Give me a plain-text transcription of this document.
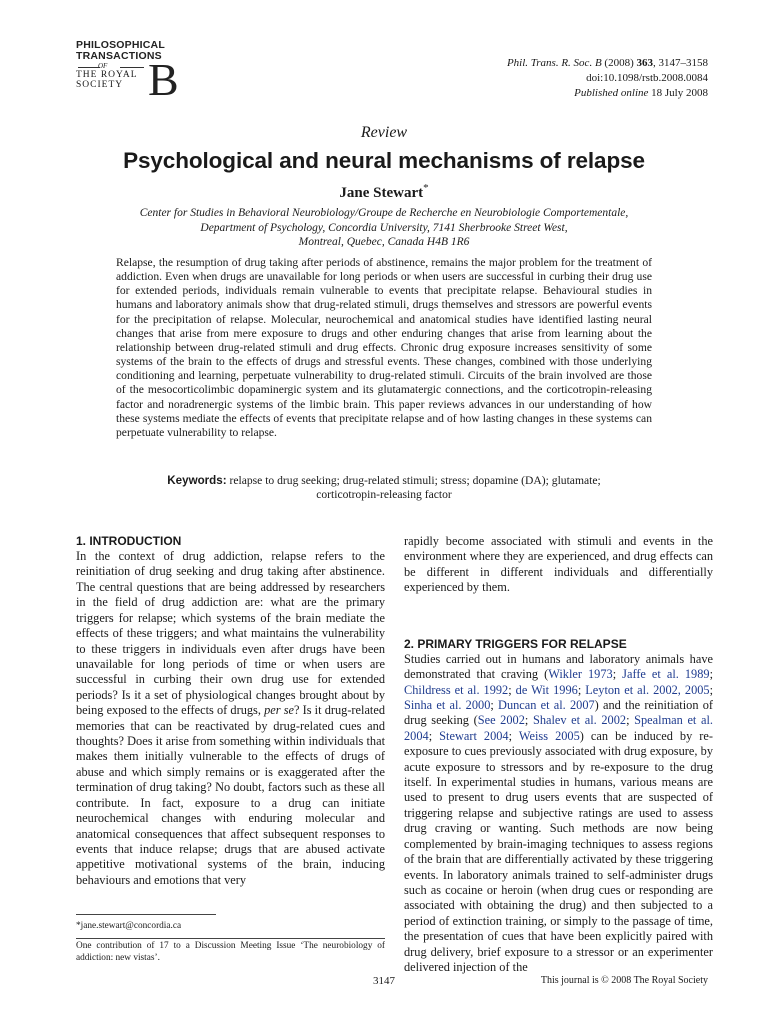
PHILOSOPHICAL
TRANSACTIONS
OF
THE ROYAL
SOCIETY B	Phil. Trans. R. Soc. B (2008) 363, 3147–3158
doi:10.1098/rstb.2008.0084
Published online 18 July 2008
Review
Psychological and neural mechanisms of relapse
Jane Stewart*
Center for Studies in Behavioral Neurobiology/Groupe de Recherche en Neurobiologie Comportementale,
Department of Psychology, Concordia University, 7141 Sherbrooke Street West,
Montreal, Quebec, Canada H4B 1R6
Relapse, the resumption of drug taking after periods of abstinence, remains the major problem for the treatment of addiction. Even when drugs are unavailable for long periods or when users are successful in curbing their drug use for extended periods, individuals remain vulnerable to events that precipitate relapse. Behavioural studies in humans and laboratory animals show that drug-related stimuli, drugs themselves and stressors are powerful events for the precipitation of relapse. Molecular, neurochemical and anatomical studies have identified lasting neural changes that arise from mere exposure to drugs and other enduring changes that arise from learning about the relationship between drug-related stimuli and drug effects. Chronic drug exposure increases sensitivity of some systems of the brain to the effects of drugs and stressful events. These changes, combined with those underlying conditioning and learning, perpetuate vulnerability to drug-related stimuli. Circuits of the brain involved are those of the mesocorticolimbic dopaminergic system and its glutamatergic connections, and the corticotropin-releasing factor and noradrenergic systems of the limbic brain. This paper reviews advances in our understanding of how these systems mediate the effects of events that precipitate relapse and of how lasting changes in these systems can perpetuate vulnerability to relapse.
Keywords: relapse to drug seeking; drug-related stimuli; stress; dopamine (DA); glutamate;
corticotropin-releasing factor
1. INTRODUCTION
In the context of drug addiction, relapse refers to the reinitiation of drug seeking and drug taking after abstinence. The central questions that are being addressed by researchers in the field of drug addiction are: what are the primary triggers for relapse; which systems of the brain mediate the effects of these triggers; and what maintains the vulnerability to these triggers in individuals even after drugs have been unavailable for long periods of time or when users are successful in curbing their own drug use for extended periods? Is it a set of physiological changes brought about by being exposed to the effects of drugs, per se? Is it drug-related memories that can be reactivated by drug-related cues and thoughts? Does it arise from something within individuals that makes them initially vulnerable to the effects of drugs of abuse and which simply remains or is exaggerated after the termination of drug taking? No doubt, factors such as these all contribute. In fact, exposure to a drug can initiate neurochemical changes with enduring molecular and anatomical consequences that affect subsequent responses to events that induce relapse; drugs that are abused activate appetitive motivational systems of the brain, inducing behaviours and emotions that very
rapidly become associated with stimuli and events in the environment where they are experienced, and drug effects can be different in different individuals and differentially experienced by them.
2. PRIMARY TRIGGERS FOR RELAPSE
Studies carried out in humans and laboratory animals have demonstrated that craving (Wikler 1973; Jaffe et al. 1989; Childress et al. 1992; de Wit 1996; Leyton et al. 2002, 2005; Sinha et al. 2000; Duncan et al. 2007) and the reinitiation of drug seeking (See 2002; Shalev et al. 2002; Spealman et al. 2004; Stewart 2004; Weiss 2005) can be induced by re-exposure to cues previously associated with drug exposure, by acute exposure to stressors and by re-exposure to the drug itself. In experimental studies in humans, various means are used to present to drug users events that are suspected of triggering relapse and subjective ratings are used to assess drug craving or wanting. Such methods are now being complemented by brain-imaging techniques to assess regions of the brain that are differentially activated by these triggering events. In laboratory animals trained to self-administer drugs such as cocaine or heroin (when drug cues or responding are associated with obtaining the drug) and then subjected to a period of extinction training, or simply to the passage of time, the presentation of cues that have been explicitly paired with drug delivery, brief exposure to a stressor or an experimenter delivered injection of the
*jane.stewart@concordia.ca
One contribution of 17 to a Discussion Meeting Issue ‘The neurobiology of addiction: new vistas’.
3147	This journal is © 2008 The Royal Society
